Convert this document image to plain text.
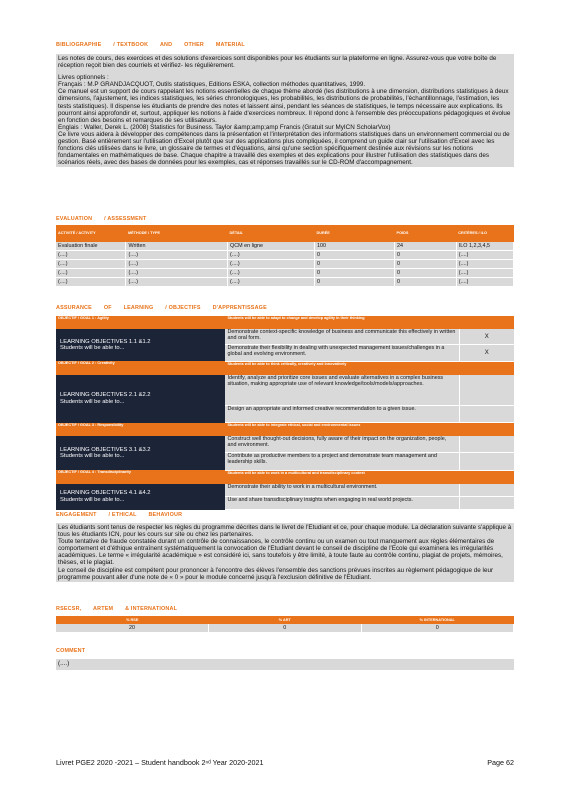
BIBLIOGRAPHIE       / TEXTBOOK       AND       OTHER       MATERIAL

Les notes de cours, des exercices et des solutions d'exercices sont disponibles pour les étudiants sur la plateforme en ligne. Assurez-vous que votre boîte de réception reçoit bien des courriels et vérifiez- les régulièrement.

Livres optionnels :

Français : M.P GRANDJACQUOT, Outils statistiques, Editions ESKA, collection méthodes quantitatives, 1999.

Ce manuel est un support de cours rappelant les notions essentielles de chaque thème abordé (les distributions à une dimension, distributions statistiques à deux dimensions, l'ajustement, les indices statistiques, les séries chronologiques, les probabilités, les distributions de probabilités, l'échantillonnage, l'estimation, les tests statistiques). Il dispense les étudiants de prendre des notes et laissent ainsi, pendant les séances de statistiques, le temps nécessaire aux explications. Ils pourront ainsi approfondir et, surtout, appliquer les notions à l'aide d'exercices nombreux. Il répond donc à l'ensemble des préoccupations pédagogiques et évolue en fonction des besoins et remarques de ses utilisateurs.

Englais : Waller, Derek L. (2008) Statistics for Business. Taylor &amp;amp;amp Francis (Gratuit sur MyICN ScholarVox)

Ce livre vous aidera à développer des compétences dans la présentation et l'interprétation des informations statistiques dans un environnement commercial ou de gestion. Basé entièrement sur l'utilisation d'Excel plutôt que sur des applications plus compliquées, il comprend un guide clair sur l'utilisation d'Excel avec les fonctions clés utilisées dans le livre, un glossaire de termes et d'équations, ainsi qu'une section spécifiquement destinée aux révisions sur les notions fondamentales en mathématiques de base. Chaque chapitre a travaillé des exemples et des explications pour illustrer l'utilisation des statistiques dans des scénarios réels, avec des bases de données pour les exemples, cas et réponses travaillés sur le CD-ROM d'accompagnement.

EVALUATION       / ASSESSMENT
ACTIVITÉ / ACTIVITY	MÉTHODE / TYPE	DÉTAIL	DURÉE	POIDS	CRITÈRES / ILO
Evaluation finale	Written	QCM en ligne	100	24	ILO 1,2,3,4,5
(....)	(....)	(....)	0	0	(....)
(....)	(....)	(....)	0	0	(....)
(....)	(....)	(....)	0	0	(....)
(....)	(....)	(....)	0	0	(....)
ASSURANCE       OF       LEARNING       / OBJECTIFS       D'APPRENTISSAGE
OBJECTIF / GOAL 1 : Agility	Students will be able to adapt to change and develop agility in their thinking	

LEARNING OBJECTIVES 1.1 &1.2
Students will be able to...	Demonstrate context-specific knowledge of business and communicate this effectively in written and oral form.	X
	Demonstrate their flexibility in dealing with unexpected management issues/challenges in a global and evolving environment.	X
OBJECTIF / GOAL 2 : Creativity	Students will be able to think critically, creatively and innovatively	

LEARNING OBJECTIVES 2.1 &2.2
Students will be able to...	Identify, analyze and prioritize core issues and evaluate alternatives in a complex business situation, making appropriate use of relevant knowledge/tools/models/approaches.	
	Design an appropriate and informed creative recommendation to a given issue.	
OBJECTIF / GOAL 3 : Responsibility	Students will be able to integrate ethical, social and environmental issues	

LEARNING OBJECTIVES 3.1 &3.2
Students will be able to...	Construct well thought-out decisions, fully aware of their impact on the organization, people, and environment.	
	Contribute as productive members to a project and demonstrate team management and leadership skills.	
OBJECTIF / GOAL 4 : Transdisciplinarity	Students will be able to work in a multicultural and transdisciplinary context	

LEARNING OBJECTIVES 4.1 &4.2
Students will be able to...	Demonstrate their ability to work in a multicultural environment.	
	Use and share transdisciplinary insights when engaging in real world projects.	
ENGAGEMENT       / ETHICAL       BEHAVIOUR

Les étudiants sont tenus de respecter les règles du programme décrites dans le livret de l'Etudiant et ce, pour chaque module. La déclaration suivante s'applique à tous les étudiants ICN, pour les cours sur site ou chez les partenaires.

Toute tentative de fraude constatée durant un contrôle de connaissances, le contrôle continu ou un examen ou tout manquement aux règles élémentaires de comportement et d'éthique entraînent systématiquement la convocation de l'Etudiant devant le conseil de discipline de l'Ecole qui examinera les irrégularités académiques. Le terme « irrégularité académique » est considéré ici, sans toutefois y être limité, à toute faute au contrôle continu, plagiat de projets, mémoires, thèses, et le plagiat.

Le conseil de discipline est compétent pour prononcer à l'encontre des élèves l'ensemble des sanctions prévues inscrites au règlement pédagogique de leur programme pouvant aller d'une note de « 0 » pour le module concerné jusqu'à l'exclusion définitive de l'Etudiant.

RSECSR,       ARTEM       & INTERNATIONAL
% RSE	% ART	% INTERNATIONAL
20	0	0
COMMENT
(....)
Livret PGE2 2020 -2021 – Student handbook 2ⁿᵈ Year 2020-2021	Page 62
